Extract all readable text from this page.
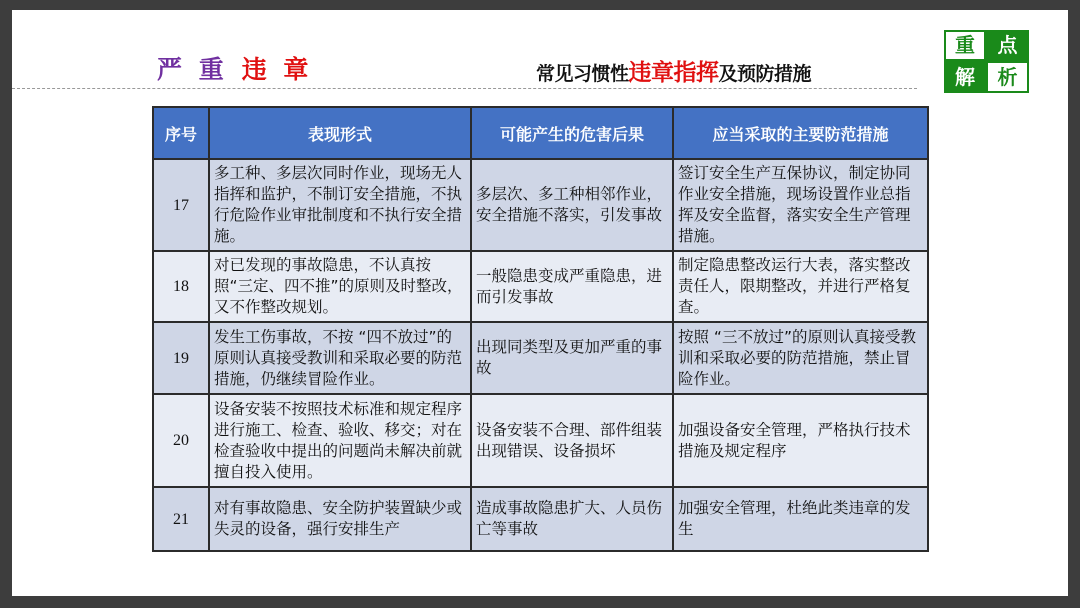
严 重 违 章	常见习惯性违章指挥及预防措施
重	点
解	析
序号	表现形式	可能产生的危害后果	应当采取的主要防范措施
17	多工种、多层次同时作业，现场无人指挥和监护，不制订安全措施，不执行危险作业审批制度和不执行安全措施。	多层次、多工种相邻作业，安全措施不落实，引发事故	签订安全生产互保协议，制定协同作业安全措施，现场设置作业总指挥及安全监督，落实安全生产管理措施。
18	对已发现的事故隐患，不认真按照“三定、四不推”的原则及时整改，又不作整改规划。	一般隐患变成严重隐患，进而引发事故	制定隐患整改运行大表，落实整改责任人，限期整改，并进行严格复查。
19	发生工伤事故，不按 “四不放过”的原则认真接受教训和采取必要的防范措施，仍继续冒险作业。	出现同类型及更加严重的事故	按照 “三不放过”的原则认真接受教训和采取必要的防范措施，禁止冒险作业。
20	设备安装不按照技术标准和规定程序进行施工、检查、验收、移交；对在检查验收中提出的问题尚未解决前就擅自投入使用。	设备安装不合理、部件组装出现错误、设备损坏	加强设备安全管理，严格执行技术措施及规定程序
21	对有事故隐患、安全防护装置缺少或失灵的设备，强行安排生产	造成事故隐患扩大、人员伤亡等事故	加强安全管理，杜绝此类违章的发生
